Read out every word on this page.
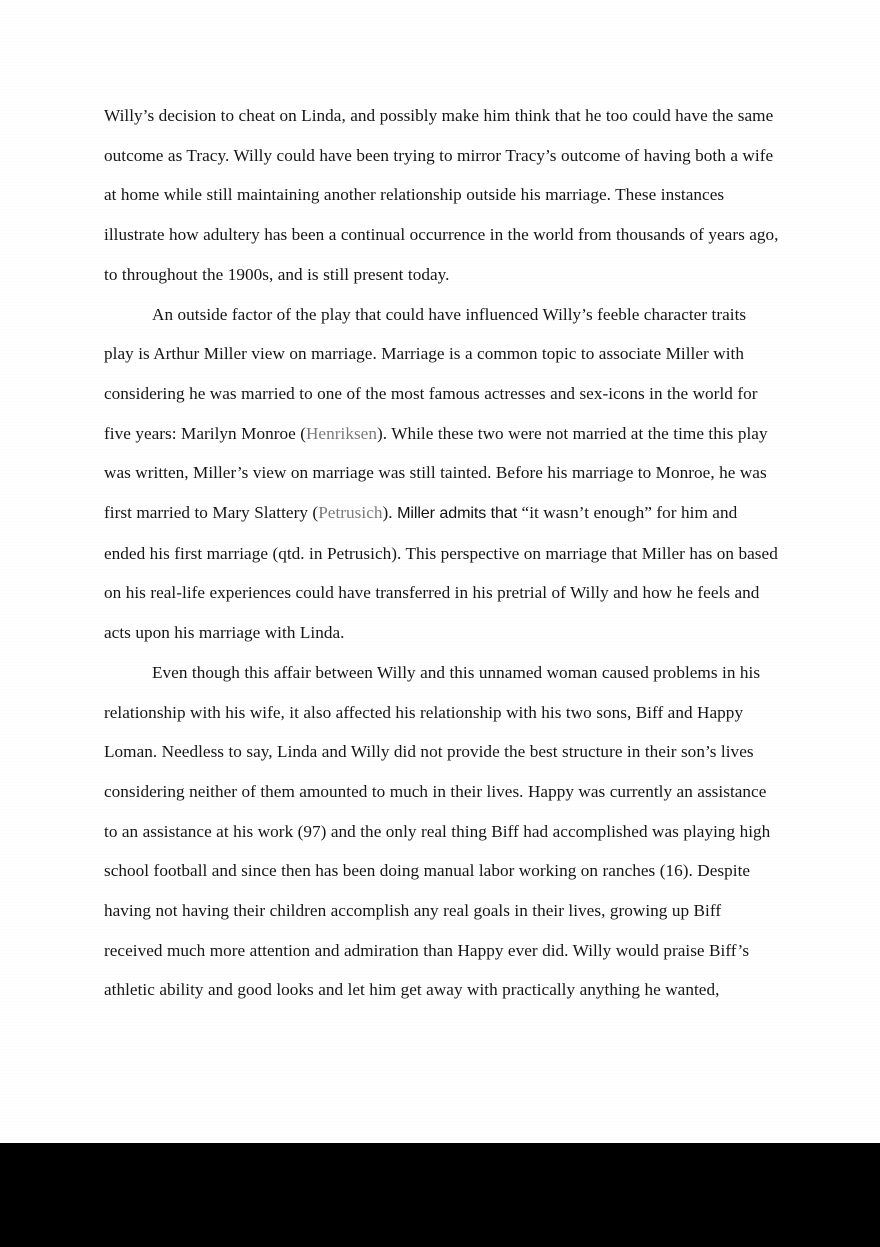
Willy’s decision to cheat on Linda, and possibly make him think that he too could have the same outcome as Tracy. Willy could have been trying to mirror Tracy’s outcome of having both a wife at home while still maintaining another relationship outside his marriage. These instances illustrate how adultery has been a continual occurrence in the world from thousands of years ago, to throughout the 1900s, and is still present today.

An outside factor of the play that could have influenced Willy’s feeble character traits play is Arthur Miller view on marriage. Marriage is a common topic to associate Miller with considering he was married to one of the most famous actresses and sex-icons in the world for five years: Marilyn Monroe (Henriksen). While these two were not married at the time this play was written, Miller’s view on marriage was still tainted. Before his marriage to Monroe, he was first married to Mary Slattery (Petrusich). Miller admits that “it wasn’t enough” for him and ended his first marriage (qtd. in Petrusich). This perspective on marriage that Miller has on based on his real-life experiences could have transferred in his pretrial of Willy and how he feels and acts upon his marriage with Linda.

Even though this affair between Willy and this unnamed woman caused problems in his relationship with his wife, it also affected his relationship with his two sons, Biff and Happy Loman. Needless to say, Linda and Willy did not provide the best structure in their son’s lives considering neither of them amounted to much in their lives. Happy was currently an assistance to an assistance at his work (97) and the only real thing Biff had accomplished was playing high school football and since then has been doing manual labor working on ranches (16). Despite having not having their children accomplish any real goals in their lives, growing up Biff received much more attention and admiration than Happy ever did. Willy would praise Biff’s athletic ability and good looks and let him get away with practically anything he wanted,
